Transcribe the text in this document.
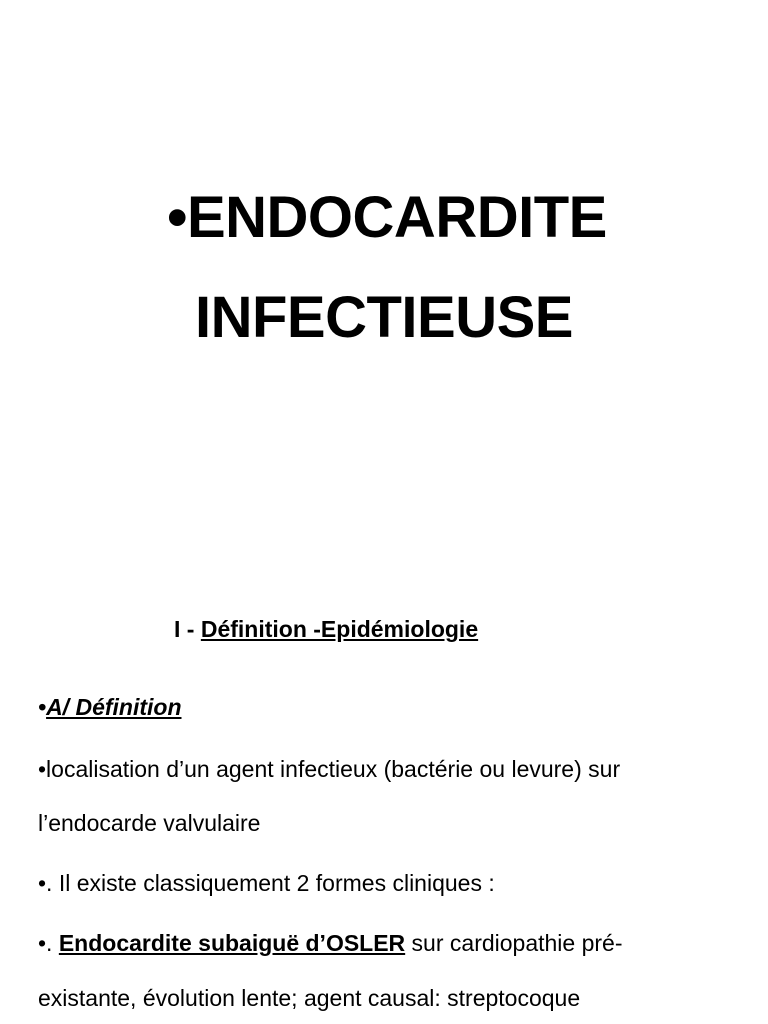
•ENDOCARDITE
INFECTIEUSE
I - Définition -Epidémiologie
•A/ Définition
•localisation d’un agent infectieux (bactérie ou levure) sur
l’endocarde valvulaire
•. Il existe classiquement 2 formes cliniques :
•. Endocardite subaiguë d’OSLER sur cardiopathie pré-
existante, évolution lente; agent causal: streptocoque
